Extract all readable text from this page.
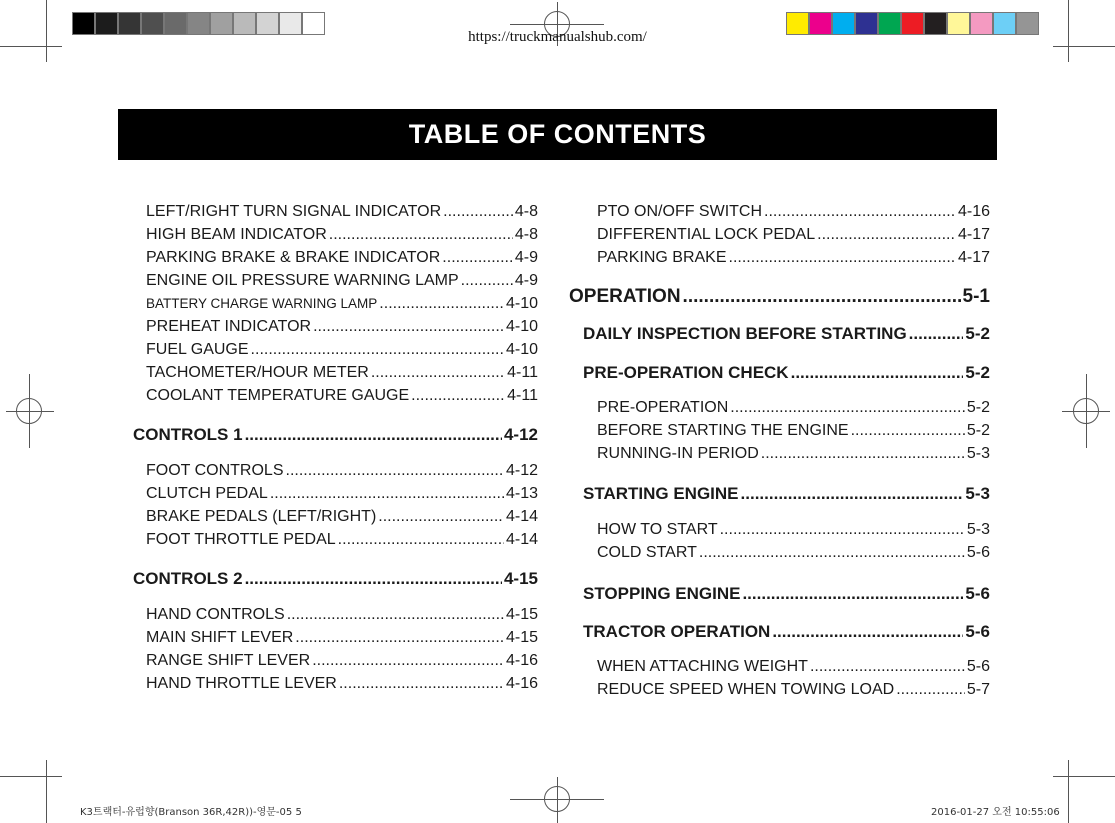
https://truckmanualshub.com/
TABLE OF CONTENTS
LEFT/RIGHT TURN SIGNAL INDICATOR .....	4-8
HIGH BEAM INDICATOR .....	4-8
PARKING BRAKE & BRAKE INDICATOR .....	4-9
ENGINE OIL PRESSURE WARNING LAMP .....	4-9
BATTERY CHARGE WARNING LAMP .....	4-10
PREHEAT INDICATOR .....	4-10
FUEL GAUGE .....	4-10
TACHOMETER/HOUR METER .....	4-11
COOLANT TEMPERATURE GAUGE .....	4-11
CONTROLS 1 .....	4-12
FOOT CONTROLS .....	4-12
CLUTCH PEDAL .....	4-13
BRAKE PEDALS (LEFT/RIGHT) .....	4-14
FOOT THROTTLE PEDAL .....	4-14
CONTROLS 2 .....	4-15
HAND CONTROLS .....	4-15
MAIN SHIFT LEVER .....	4-15
RANGE SHIFT LEVER .....	4-16
HAND THROTTLE LEVER .....	4-16
PTO ON/OFF SWITCH .....	4-16
DIFFERENTIAL LOCK PEDAL .....	4-17
PARKING BRAKE .....	4-17
OPERATION .....	5-1
DAILY INSPECTION BEFORE STARTING .....	5-2
PRE-OPERATION CHECK .....	5-2
PRE-OPERATION .....	5-2
BEFORE STARTING THE ENGINE .....	5-2
RUNNING-IN PERIOD .....	5-3
STARTING ENGINE .....	5-3
HOW TO START .....	5-3
COLD START .....	5-6
STOPPING ENGINE .....	5-6
TRACTOR OPERATION .....	5-6
WHEN ATTACHING WEIGHT .....	5-6
REDUCE SPEED WHEN TOWING LOAD .....	5-7
K3트랙터-유럽향(Branson 36R,42R))-영문-05 5	2016-01-27 오전 10:55:06
